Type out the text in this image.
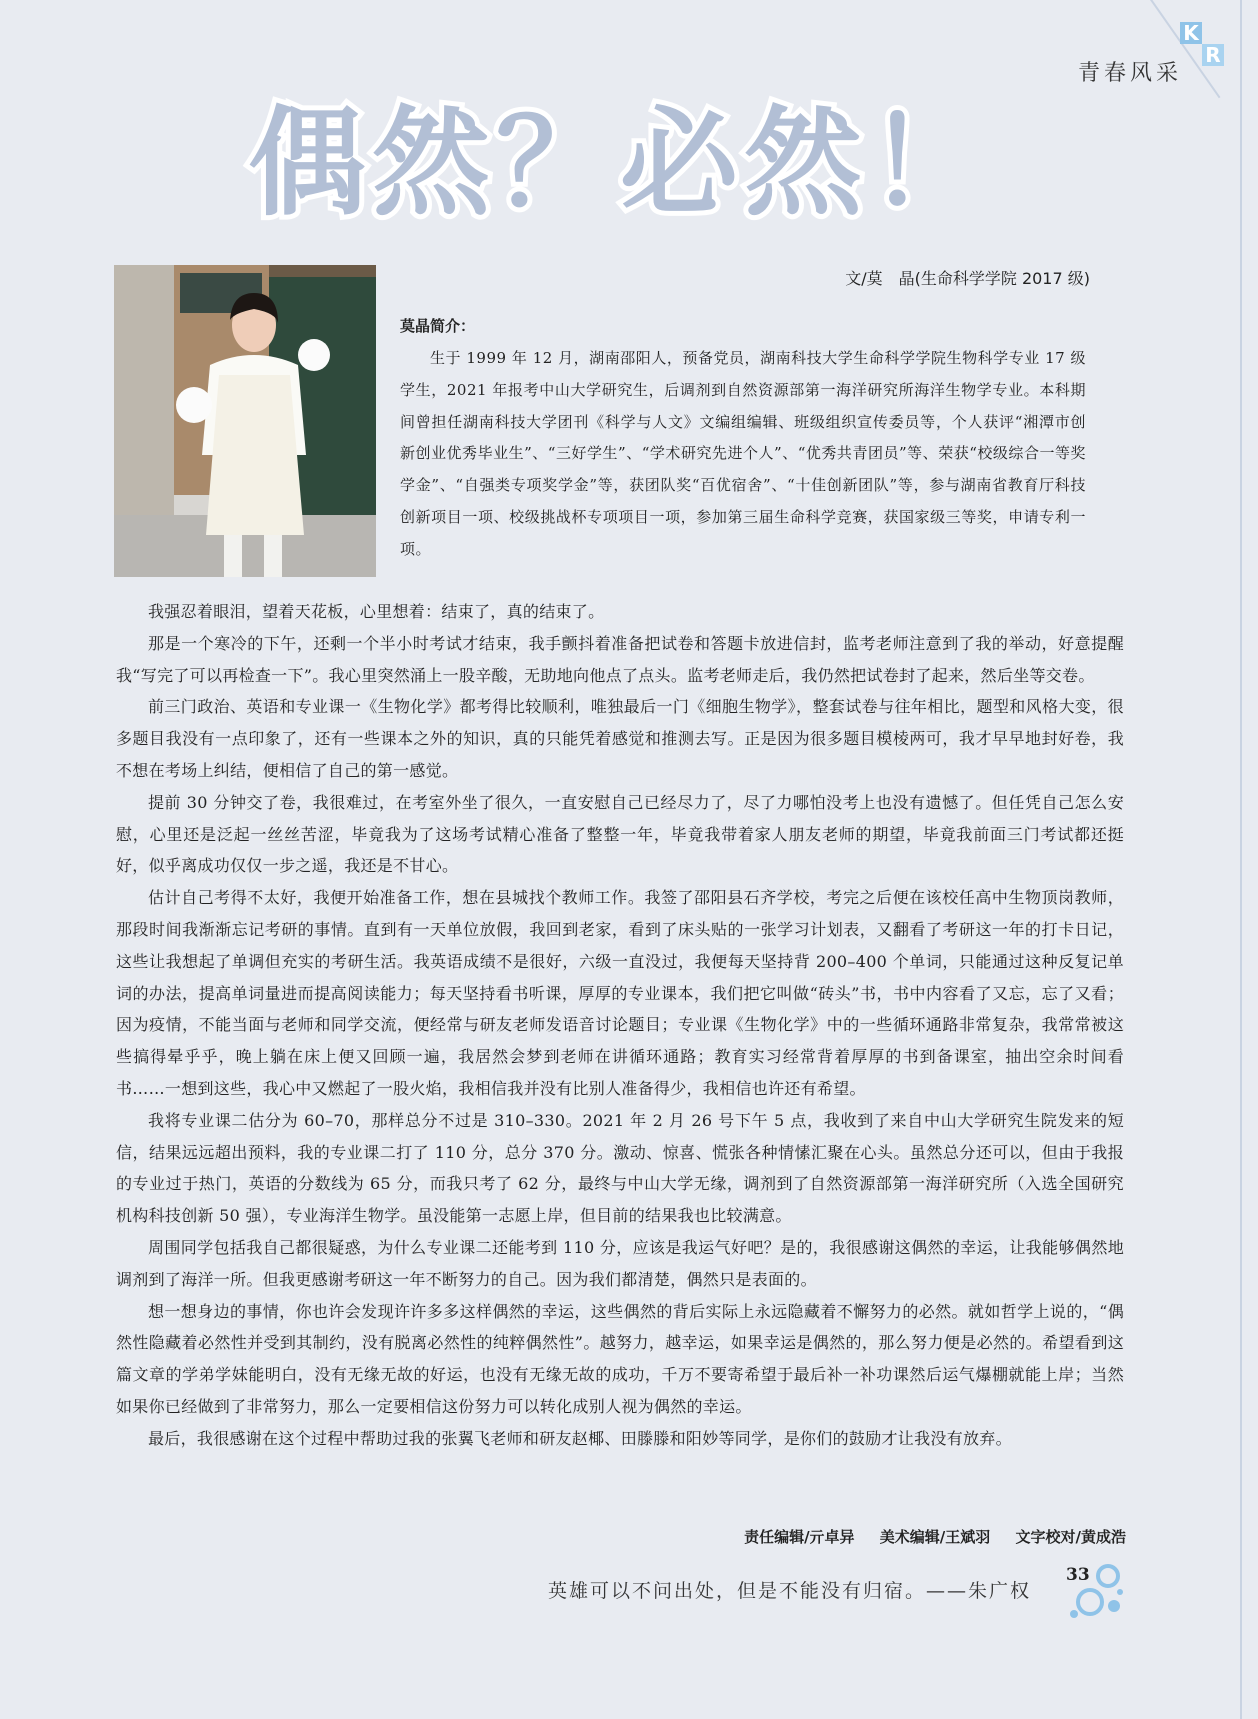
K
R
青春风采
偶然？必然！
文/莫　晶(生命科学学院 2017 级)
莫晶简介：
生于 1999 年 12 月，湖南邵阳人，预备党员，湖南科技大学生命科学学院生物科学专业 17 级学生，2021 年报考中山大学研究生，后调剂到自然资源部第一海洋研究所海洋生物学专业。本科期间曾担任湖南科技大学团刊《科学与人文》文编组编辑、班级组织宣传委员等，个人获评“湘潭市创新创业优秀毕业生”、“三好学生”、“学术研究先进个人”、“优秀共青团员”等、荣获“校级综合一等奖学金”、“自强类专项奖学金”等，获团队奖“百优宿舍”、“十佳创新团队”等，参与湖南省教育厅科技创新项目一项、校级挑战杯专项项目一项，参加第三届生命科学竞赛，获国家级三等奖，申请专利一项。

我强忍着眼泪，望着天花板，心里想着：结束了，真的结束了。

那是一个寒冷的下午，还剩一个半小时考试才结束，我手颤抖着准备把试卷和答题卡放进信封，监考老师注意到了我的举动，好意提醒我“写完了可以再检查一下”。我心里突然涌上一股辛酸，无助地向他点了点头。监考老师走后，我仍然把试卷封了起来，然后坐等交卷。

前三门政治、英语和专业课一《生物化学》都考得比较顺利，唯独最后一门《细胞生物学》，整套试卷与往年相比，题型和风格大变，很多题目我没有一点印象了，还有一些课本之外的知识，真的只能凭着感觉和推测去写。正是因为很多题目模棱两可，我才早早地封好卷，我不想在考场上纠结，便相信了自己的第一感觉。

提前 30 分钟交了卷，我很难过，在考室外坐了很久，一直安慰自己已经尽力了，尽了力哪怕没考上也没有遗憾了。但任凭自己怎么安慰，心里还是泛起一丝丝苦涩，毕竟我为了这场考试精心准备了整整一年，毕竟我带着家人朋友老师的期望，毕竟我前面三门考试都还挺好，似乎离成功仅仅一步之遥，我还是不甘心。

估计自己考得不太好，我便开始准备工作，想在县城找个教师工作。我签了邵阳县石齐学校，考完之后便在该校任高中生物顶岗教师，那段时间我渐渐忘记考研的事情。直到有一天单位放假，我回到老家，看到了床头贴的一张学习计划表，又翻看了考研这一年的打卡日记，这些让我想起了单调但充实的考研生活。我英语成绩不是很好，六级一直没过，我便每天坚持背 200–400 个单词，只能通过这种反复记单词的办法，提高单词量进而提高阅读能力；每天坚持看书听课，厚厚的专业课本，我们把它叫做“砖头”书，书中内容看了又忘，忘了又看；因为疫情，不能当面与老师和同学交流，便经常与研友老师发语音讨论题目；专业课《生物化学》中的一些循环通路非常复杂，我常常被这些搞得晕乎乎，晚上躺在床上便又回顾一遍，我居然会梦到老师在讲循环通路；教育实习经常背着厚厚的书到备课室，抽出空余时间看书……一想到这些，我心中又燃起了一股火焰，我相信我并没有比别人准备得少，我相信也许还有希望。

我将专业课二估分为 60–70，那样总分不过是 310–330。2021 年 2 月 26 号下午 5 点，我收到了来自中山大学研究生院发来的短信，结果远远超出预料，我的专业课二打了 110 分，总分 370 分。激动、惊喜、慌张各种情愫汇聚在心头。虽然总分还可以，但由于我报的专业过于热门，英语的分数线为 65 分，而我只考了 62 分，最终与中山大学无缘，调剂到了自然资源部第一海洋研究所（入选全国研究机构科技创新 50 强），专业海洋生物学。虽没能第一志愿上岸，但目前的结果我也比较满意。

周围同学包括我自己都很疑惑，为什么专业课二还能考到 110 分，应该是我运气好吧？是的，我很感谢这偶然的幸运，让我能够偶然地调剂到了海洋一所。但我更感谢考研这一年不断努力的自己。因为我们都清楚，偶然只是表面的。

想一想身边的事情，你也许会发现许许多多这样偶然的幸运，这些偶然的背后实际上永远隐藏着不懈努力的必然。就如哲学上说的，“偶然性隐藏着必然性并受到其制约，没有脱离必然性的纯粹偶然性”。越努力，越幸运，如果幸运是偶然的，那么努力便是必然的。希望看到这篇文章的学弟学妹能明白，没有无缘无故的好运，也没有无缘无故的成功，千万不要寄希望于最后补一补功课然后运气爆棚就能上岸；当然如果你已经做到了非常努力，那么一定要相信这份努力可以转化成别人视为偶然的幸运。

最后，我很感谢在这个过程中帮助过我的张翼飞老师和研友赵椰、田滕滕和阳妙等同学，是你们的鼓励才让我没有放弃。

责任编辑/亓卓异 美术编辑/王斌羽 文字校对/黄成浩
英雄可以不问出处，但是不能没有归宿。——朱广权
33
